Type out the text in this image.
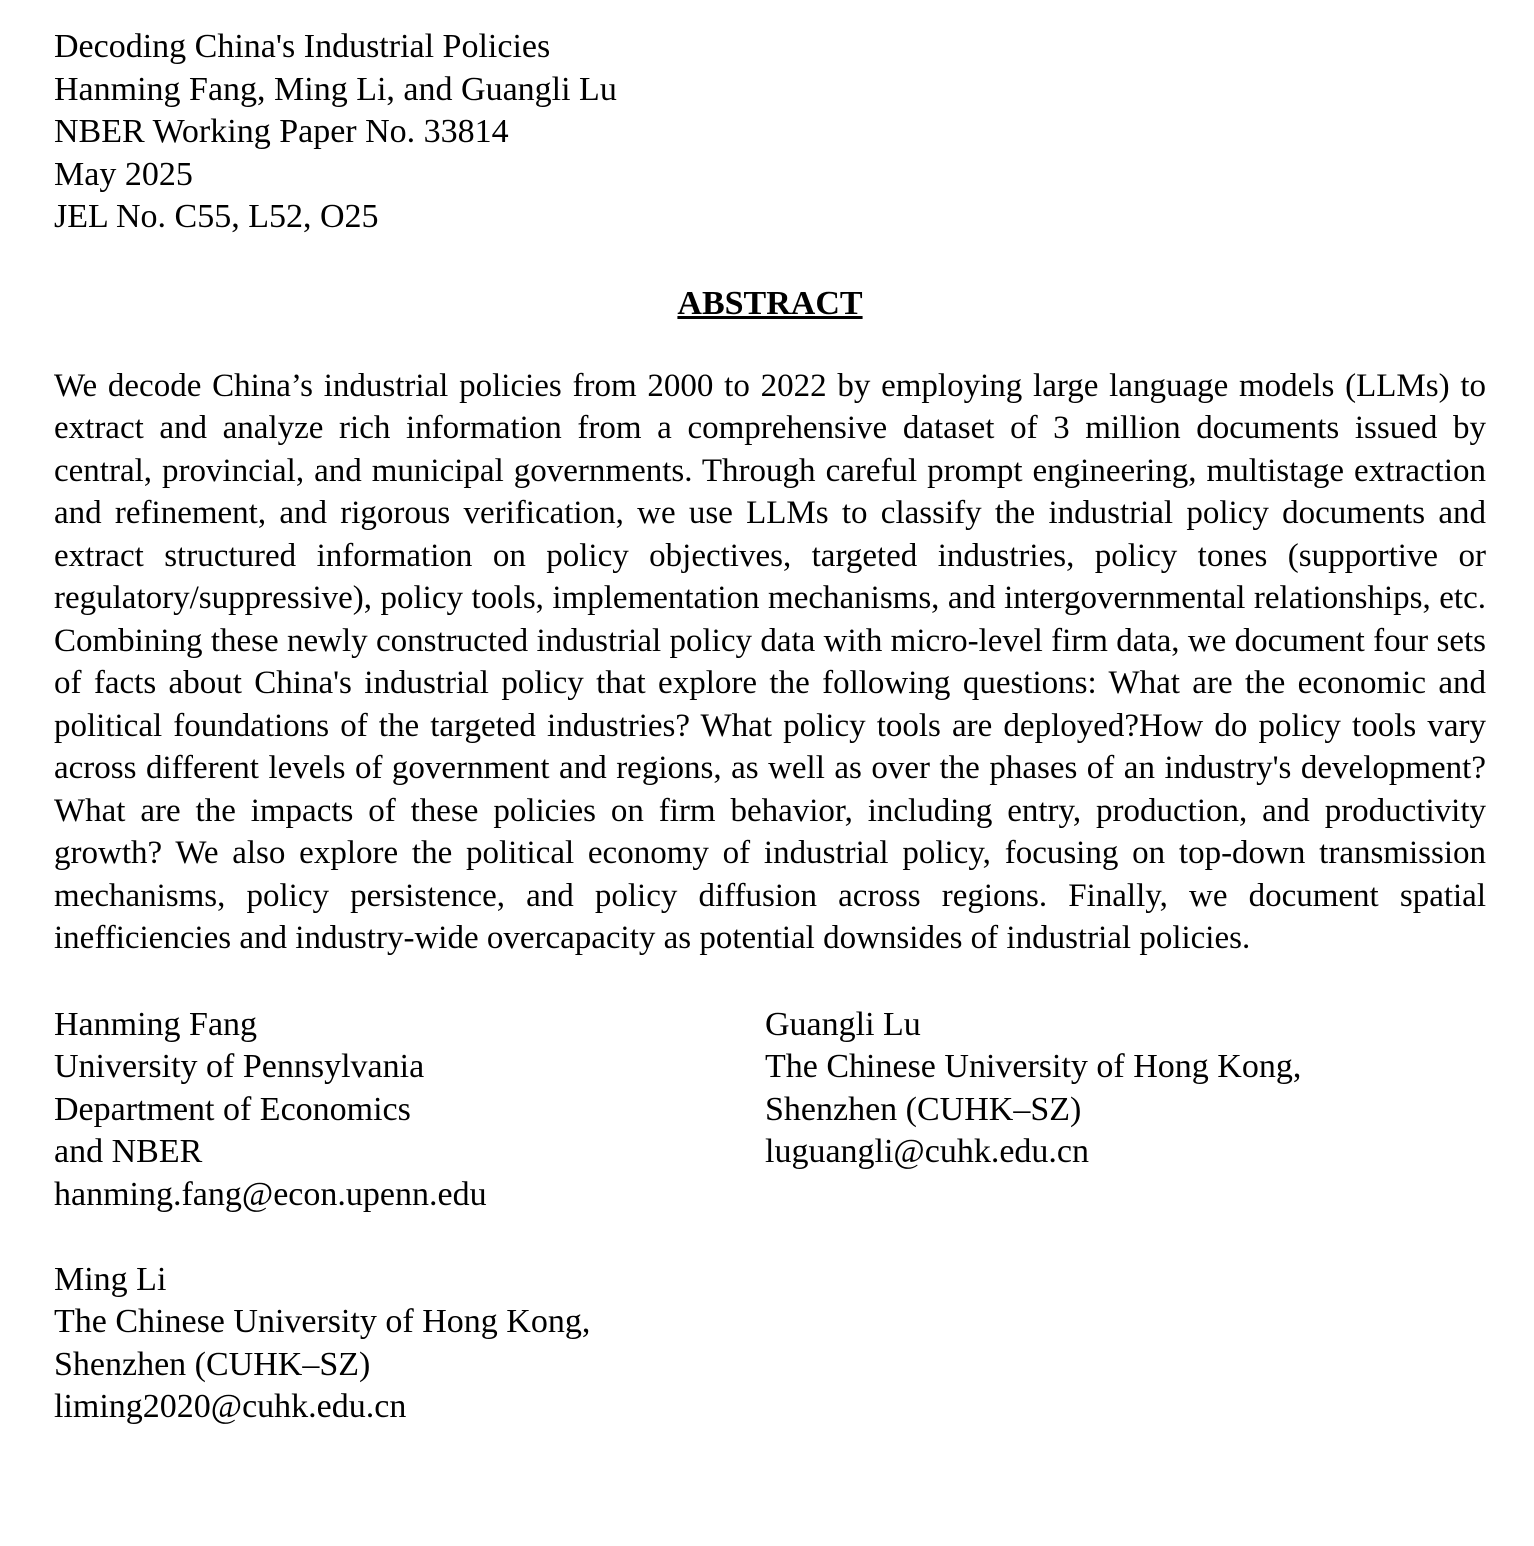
Decoding China's Industrial Policies
Hanming Fang, Ming Li, and Guangli Lu
NBER Working Paper No. 33814
May 2025
JEL No. C55, L52, O25
ABSTRACT
We decode China’s industrial policies from 2000 to 2022 by employing large language models (LLMs) to extract and analyze rich information from a comprehensive dataset of 3 million documents issued by central, provincial, and municipal governments. Through careful prompt engineering, multistage extraction and refinement, and rigorous verification, we use LLMs to classify the industrial policy documents and extract structured information on policy objectives, targeted industries, policy tones (supportive or regulatory/suppressive), policy tools, implementation mechanisms, and intergovernmental relationships, etc. Combining these newly constructed industrial policy data with micro-level firm data, we document four sets of facts about China's industrial policy that explore the following questions: What are the economic and political foundations of the targeted industries? What policy tools are deployed?How do policy tools vary across different levels of government and regions, as well as over the phases of an industry's development? What are the impacts of these policies on firm behavior, including entry, production, and productivity growth? We also explore the political economy of industrial policy, focusing on top-down transmission mechanisms, policy persistence, and policy diffusion across regions. Finally, we document spatial inefficiencies and industry-wide overcapacity as potential downsides of industrial policies.
Hanming Fang
University of Pennsylvania
Department of Economics
and NBER
hanming.fang@econ.upenn.edu
Ming Li
The Chinese University of Hong Kong,
Shenzhen (CUHK–SZ)
liming2020@cuhk.edu.cn
Guangli Lu
The Chinese University of Hong Kong,
Shenzhen (CUHK–SZ)
luguangli@cuhk.edu.cn
